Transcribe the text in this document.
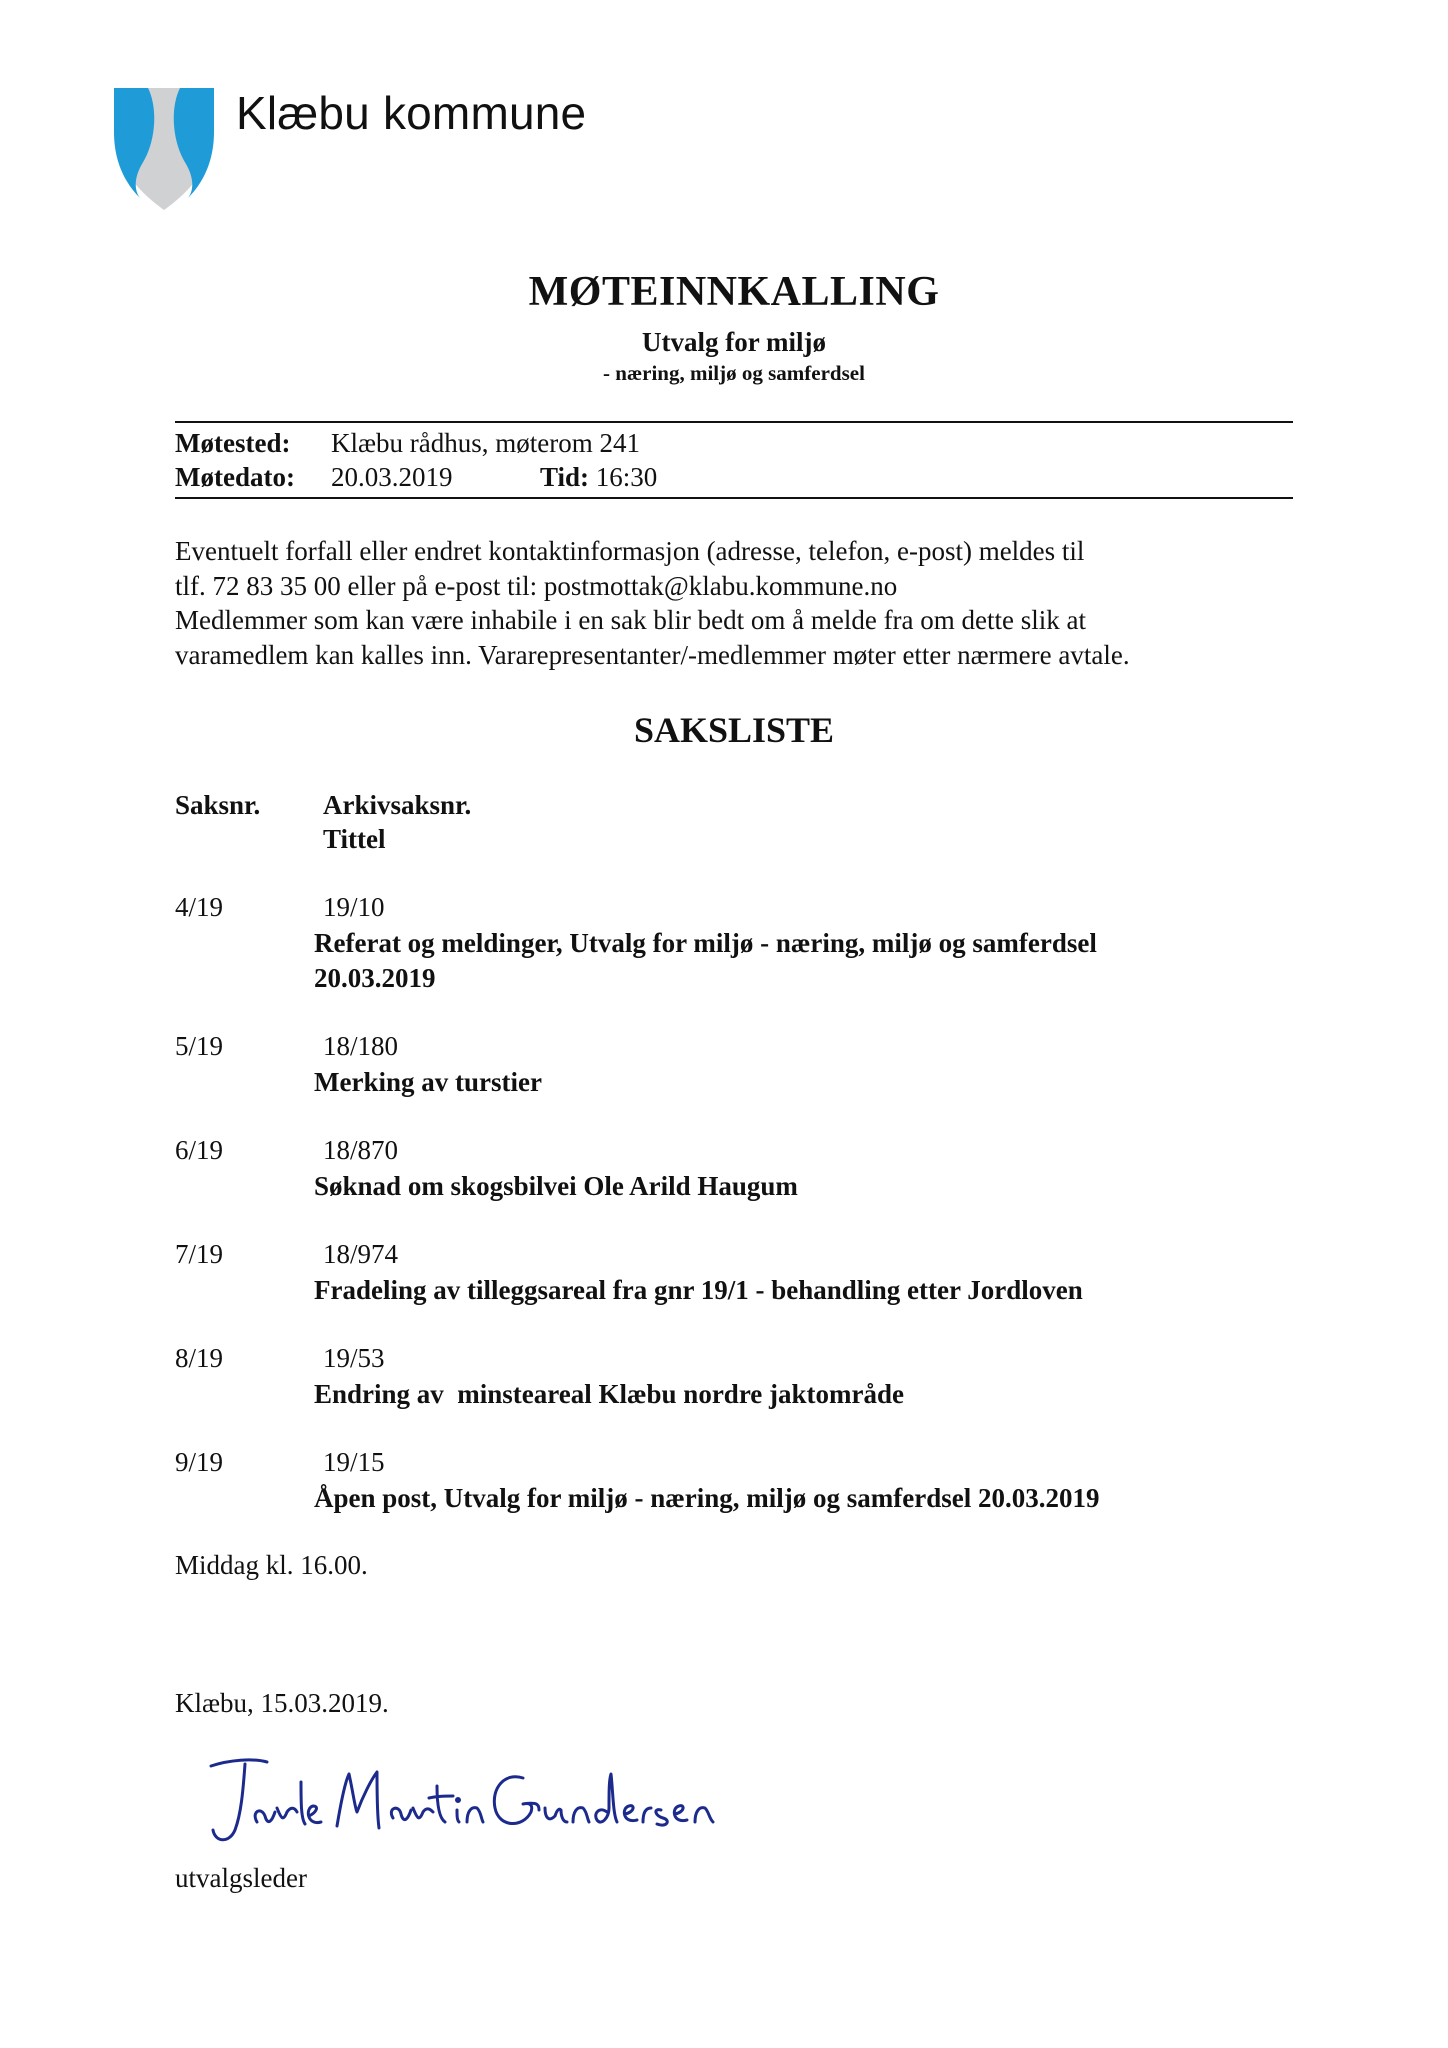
Klæbu kommune
MØTEINNKALLING
Utvalg for miljø
- næring, miljø og samferdsel
Møtested: Klæbu rådhus, møterom 241
Møtedato: 20.03.2019	Tid: 16:30
Eventuelt forfall eller endret kontaktinformasjon (adresse, telefon, e-post) meldes til
tlf. 72 83 35 00 eller på e-post til: postmottak@klabu.kommune.no
Medlemmer som kan være inhabile i en sak blir bedt om å melde fra om dette slik at
varamedlem kan kalles inn. Vararepresentanter/-medlemmer møter etter nærmere avtale.
SAKSLISTE
Saksnr. Arkivsaksnr.
Tittel
4/19	19/10
Referat og meldinger, Utvalg for miljø - næring, miljø og samferdsel
20.03.2019
5/19	18/180
Merking av turstier
6/19	18/870
Søknad om skogsbilvei Ole Arild Haugum
7/19	18/974
Fradeling av tilleggsareal fra gnr 19/1 - behandling etter Jordloven
8/19	19/53
Endring av  minsteareal Klæbu nordre jaktområde
9/19	19/15
Åpen post, Utvalg for miljø - næring, miljø og samferdsel 20.03.2019
Middag kl. 16.00.
Klæbu, 15.03.2019.
utvalgsleder
